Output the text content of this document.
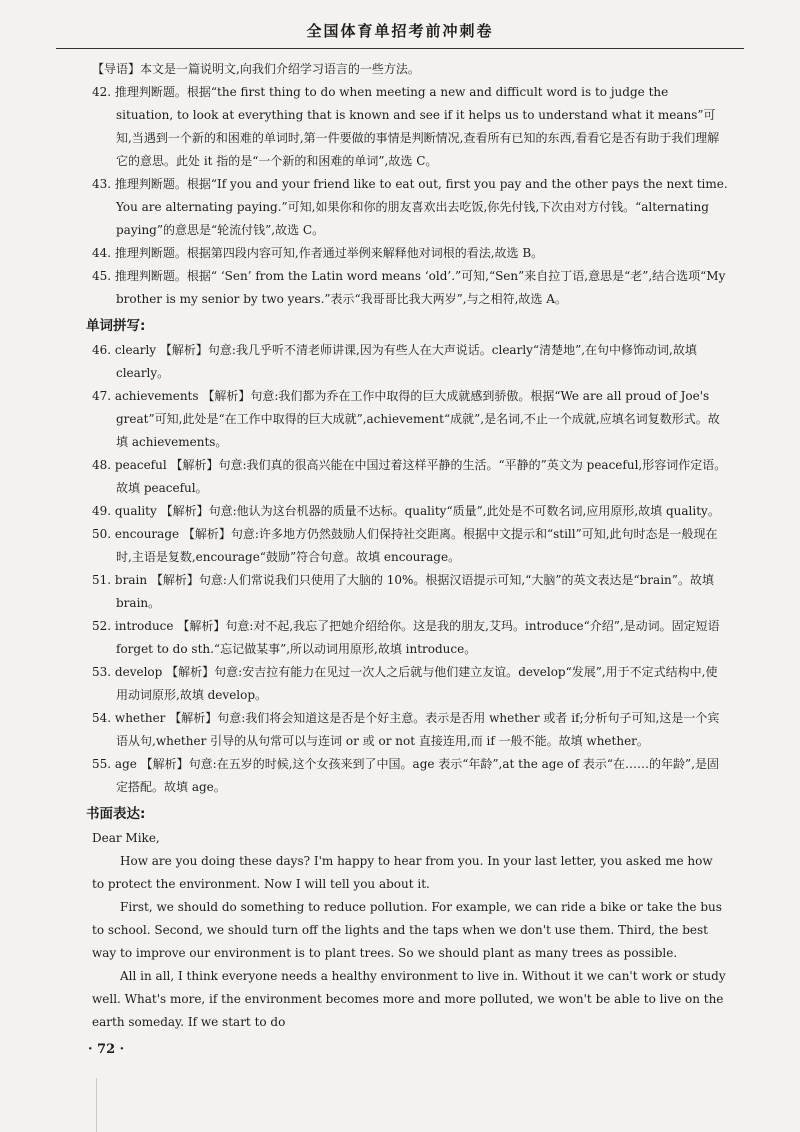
全国体育单招考前冲刺卷

【导语】本文是一篇说明文,向我们介绍学习语言的一些方法。

42. 推理判断题。根据“the first thing to do when meeting a new and difficult word is to judge the situation, to look at everything that is known and see if it helps us to understand what it means”可知,当遇到一个新的和困难的单词时,第一件要做的事情是判断情况,查看所有已知的东西,看看它是否有助于我们理解它的意思。此处 it 指的是“一个新的和困难的单词”,故选 C。

43. 推理判断题。根据“If you and your friend like to eat out, first you pay and the other pays the next time. You are alternating paying.”可知,如果你和你的朋友喜欢出去吃饭,你先付钱,下次由对方付钱。“alternating paying”的意思是“轮流付钱”,故选 C。

44. 推理判断题。根据第四段内容可知,作者通过举例来解释他对词根的看法,故选 B。

45. 推理判断题。根据“ ‘Sen’ from the Latin word means ‘old’.”可知,“Sen”来自拉丁语,意思是“老”,结合选项“My brother is my senior by two years.”表示“我哥哥比我大两岁”,与之相符,故选 A。

单词拼写:

46. clearly 【解析】句意:我几乎听不清老师讲课,因为有些人在大声说话。clearly“清楚地”,在句中修饰动词,故填 clearly。

47. achievements 【解析】句意:我们都为乔在工作中取得的巨大成就感到骄傲。根据“We are all proud of Joe's great”可知,此处是“在工作中取得的巨大成就”,achievement“成就”,是名词,不止一个成就,应填名词复数形式。故填 achievements。

48. peaceful 【解析】句意:我们真的很高兴能在中国过着这样平静的生活。“平静的”英文为 peaceful,形容词作定语。故填 peaceful。

49. quality 【解析】句意:他认为这台机器的质量不达标。quality“质量”,此处是不可数名词,应用原形,故填 quality。

50. encourage 【解析】句意:许多地方仍然鼓励人们保持社交距离。根据中文提示和“still”可知,此句时态是一般现在时,主语是复数,encourage“鼓励”符合句意。故填 encourage。

51. brain 【解析】句意:人们常说我们只使用了大脑的 10%。根据汉语提示可知,“大脑”的英文表达是“brain”。故填 brain。

52. introduce 【解析】句意:对不起,我忘了把她介绍给你。这是我的朋友,艾玛。introduce“介绍”,是动词。固定短语 forget to do sth.“忘记做某事”,所以动词用原形,故填 introduce。

53. develop 【解析】句意:安吉拉有能力在见过一次人之后就与他们建立友谊。develop“发展”,用于不定式结构中,使用动词原形,故填 develop。

54. whether 【解析】句意:我们将会知道这是否是个好主意。表示是否用 whether 或者 if;分析句子可知,这是一个宾语从句,whether 引导的从句常可以与连词 or 或 or not 直接连用,而 if 一般不能。故填 whether。

55. age 【解析】句意:在五岁的时候,这个女孩来到了中国。age 表示“年龄”,at the age of 表示“在……的年龄”,是固定搭配。故填 age。

书面表达:

Dear Mike,

How are you doing these days? I'm happy to hear from you. In your last letter, you asked me how to protect the environment. Now I will tell you about it.

First, we should do something to reduce pollution. For example, we can ride a bike or take the bus to school. Second, we should turn off the lights and the taps when we don't use them. Third, the best way to improve our environment is to plant trees. So we should plant as many trees as possible.

All in all, I think everyone needs a healthy environment to live in. Without it we can't work or study well. What's more, if the environment becomes more and more polluted, we won't be able to live on the earth someday. If we start to do

· 72 ·
